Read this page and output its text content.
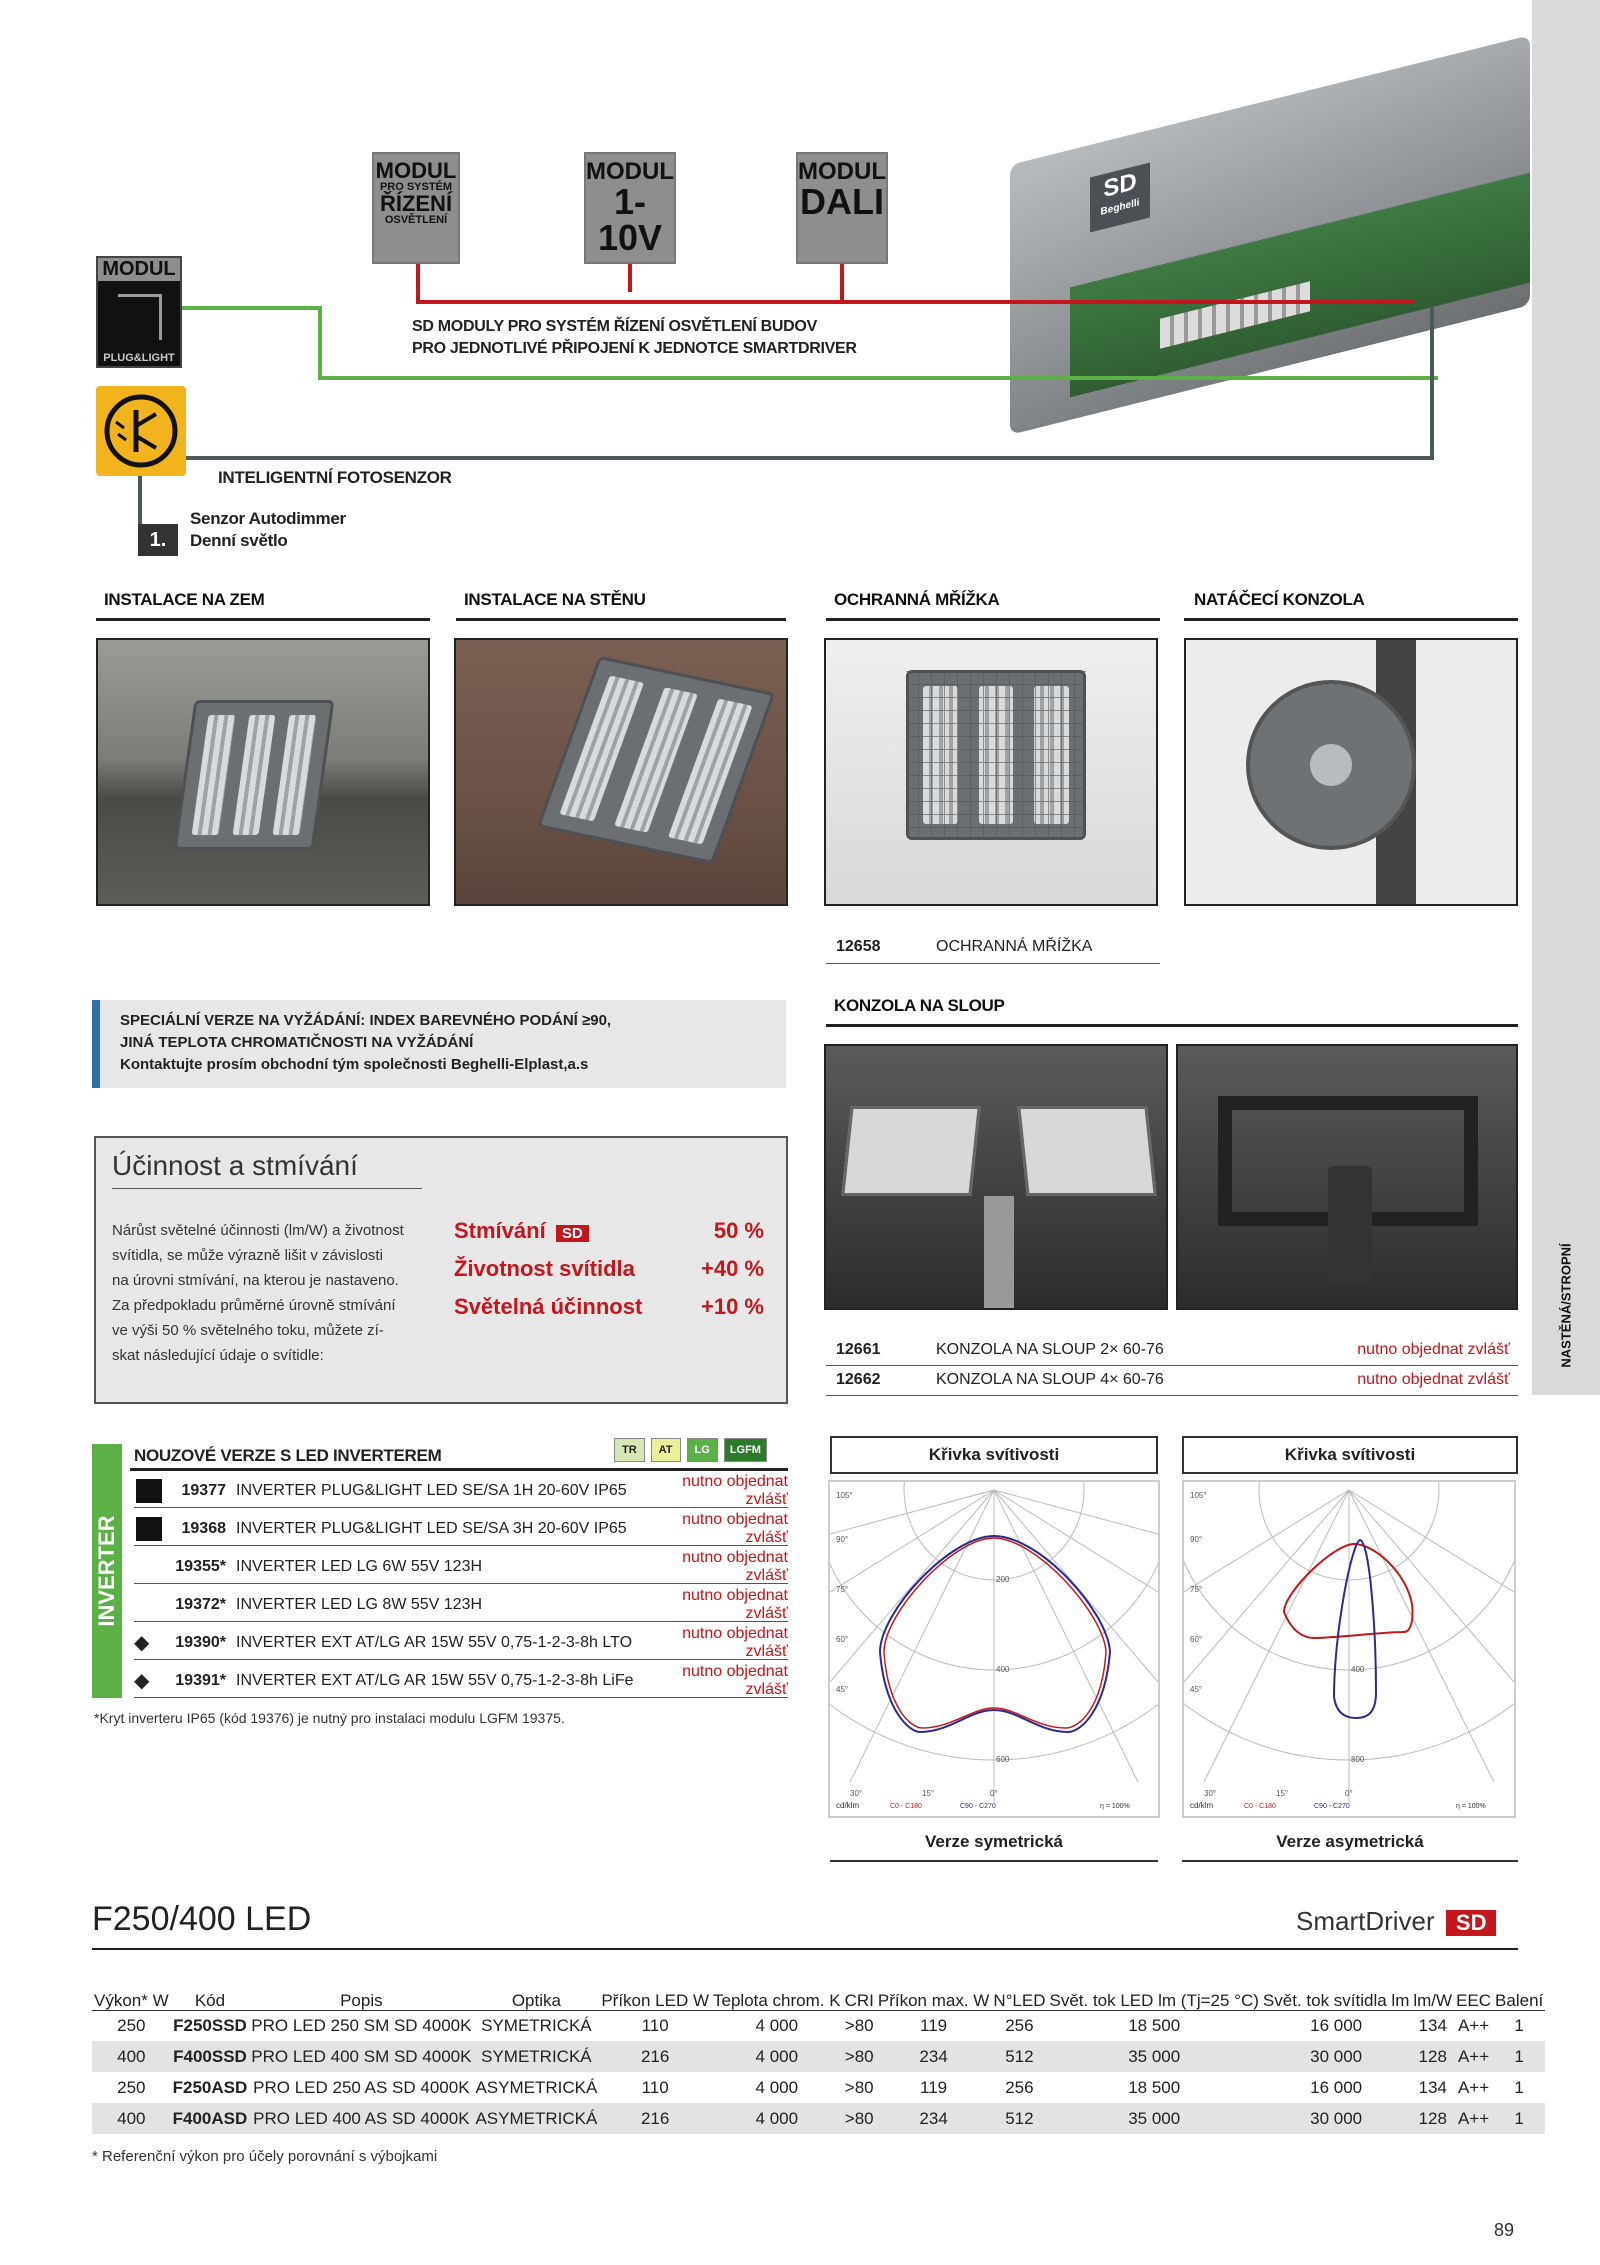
NASTĚNÁ/STROPNÍ
SD
Beghelli
MODUL
PRO SYSTÉM
ŘÍZENÍ
OSVĚTLENÍ
MODUL
1-10V
MODUL
DALI
MODUL
PLUG&LIGHT
SD MODULY PRO SYSTÉM ŘÍZENÍ OSVĚTLENÍ BUDOV
PRO JEDNOTLIVÉ PŘIPOJENÍ K JEDNOTCE SMARTDRIVER
INTELIGENTNÍ FOTOSENZOR
1.
Senzor Autodimmer
Denní světlo
INSTALACE NA ZEM	INSTALACE NA STĚNU	OCHRANNÁ MŘÍŽKA	NATÁČECÍ KONZOLA
12658	OCHRANNÁ MŘÍŽKA
SPECIÁLNÍ VERZE NA VYŽÁDÁNÍ: INDEX BAREVNÉHO PODÁNÍ ≥90,
JINÁ TEPLOTA CHROMATIČNOSTI NA VYŽÁDÁNÍ
Kontaktujte prosím obchodní tým společnosti Beghelli-Elplast,a.s
KONZOLA NA SLOUP
12661	KONZOLA NA SLOUP 2× 60-76	nutno objednat zvlášť
12662	KONZOLA NA SLOUP 4× 60-76	nutno objednat zvlášť
Účinnost a stmívání
Nárůst světelné účinnosti (lm/W) a životnost
svítidla, se může výrazně lišit v závislosti
na úrovni stmívání, na kterou je nastaveno.
Za předpokladu průměrné úrovně stmívání
ve výši 50 % světelného toku, můžete zí-
skat následující údaje o svítidle:
Stmívání SD	50 %
Životnost svítidla	+40 %
Světelná účinnost	+10 %
INVERTER
NOUZOVÉ VERZE S LED INVERTEREM	TR	AT	LG	LGFM
19377 INVERTER PLUG&LIGHT LED SE/SA 1H 20-60V IP65
nutno objednat zvlášť
19368 INVERTER PLUG&LIGHT LED SE/SA 3H 20-60V IP65
nutno objednat zvlášť
19355* INVERTER LED LG 6W 55V 123H
nutno objednat zvlášť
19372* INVERTER LED LG 8W 55V 123H
nutno objednat zvlášť
◆	19390* INVERTER EXT AT/LG AR 15W 55V 0,75-1-2-3-8h LTO
nutno objednat zvlášť
◆	19391* INVERTER EXT AT/LG AR 15W 55V 0,75-1-2-3-8h LiFe
nutno objednat zvlášť
*Kryt inverteru IP65 (kód 19376) je nutný pro instalaci modulu LGFM 19375.
Křivka svítivosti	Křivka svítivosti
105°
90°
75°
60°
45°
30°	15°	0°
200
400
600
cd/klm	C0 - C180	C90 - C270	η = 100%
105°
90°
75°
60°
45°
30°	15°	0°
400
800
cd/klm	C0 - C180	C90 - C270	η = 100%
Verze symetrická	Verze asymetrická
F250/400 LED	SmartDriver SD
Výkon* W	Kód	Popis	Optika	Příkon LED W	Teplota chrom. K	CRI	Příkon max. W	N°LED	Svět. tok LED lm (Tj=25 °C)	Svět. tok svítidla lm	lm/W	EEC	Balení
250	F250SSD	PRO LED 250 SM SD 4000K	SYMETRICKÁ	110	4 000	>80	119	256	18 500	16 000	134	A++	1
400	F400SSD	PRO LED 400 SM SD 4000K	SYMETRICKÁ	216	4 000	>80	234	512	35 000	30 000	128	A++	1
250	F250ASD	PRO LED 250 AS SD 4000K	ASYMETRICKÁ	110	4 000	>80	119	256	18 500	16 000	134	A++	1
400	F400ASD	PRO LED 400 AS SD 4000K	ASYMETRICKÁ	216	4 000	>80	234	512	35 000	30 000	128	A++	1
* Referenční výkon pro účely porovnání s výbojkami
89
